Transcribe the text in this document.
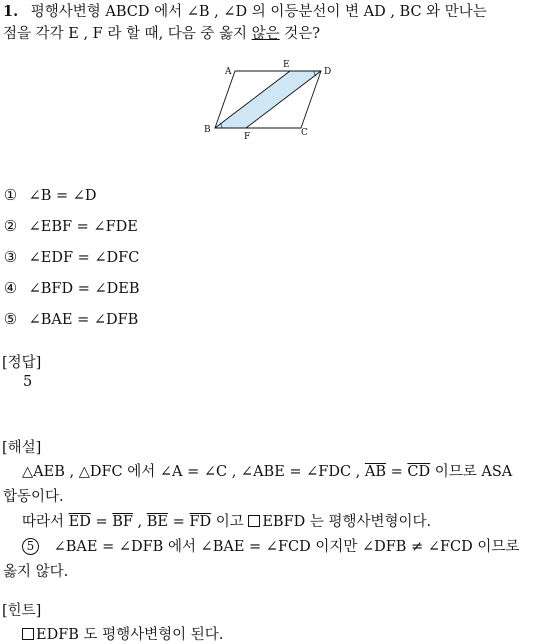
1. 평행사변형 ABCD 에서 ∠B , ∠D 의 이등분선이 변 AD , BC 와 만나는
점을 각각 E , F 라 할 때, 다음 중 옳지 않은 것은?
A
E
D
B
F	C
① ∠B = ∠D
② ∠EBF = ∠FDE
③ ∠EDF = ∠DFC
④ ∠BFD = ∠DEB
⑤ ∠BAE = ∠DFB
[정답]
5
[해설]
△AEB , △DFC 에서 ∠A = ∠C , ∠ABE = ∠FDC , $\overline{AB} = \overline{CD}$ 이므로 ASA
합동이다.
따라서 $\overline{ED} = \overline{BF}$ , $\overline{BE} = \overline{FD}$ 이고 EBFD 는 평행사변형이다.
5 ∠BAE = ∠DFB 에서 ∠BAE = ∠FCD 이지만 ∠DFB ≠ ∠FCD 이므로
옳지 않다.
[힌트]
EDFB 도 평행사변형이 된다.
